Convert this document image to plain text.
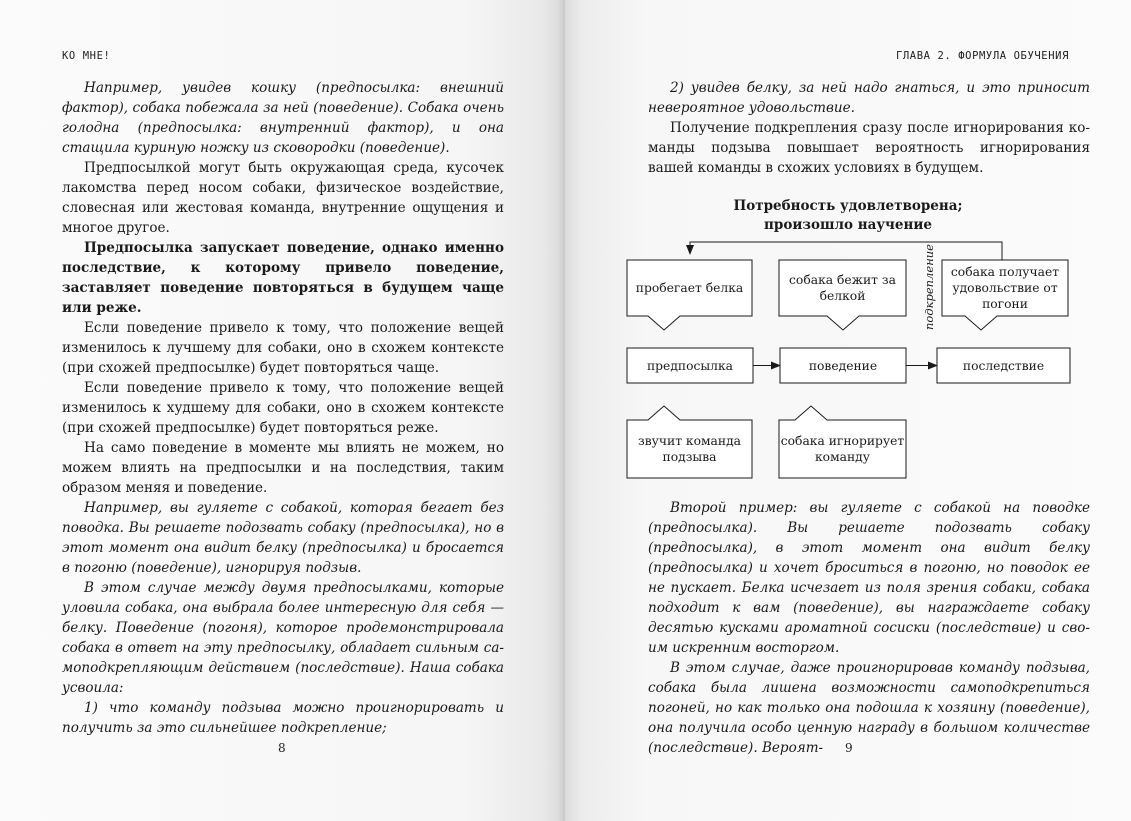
КО МНЕ!

Например, увидев кошку (предпосылка: внешний фактор), собака побежала за ней (поведение). Собака очень голодна (предпосылка: внутренний фактор), и она стащила куриную ножку из сковородки (поведение).

Предпосылкой могут быть окружающая среда, кусочек лакомства перед носом собаки, физическое воздействие, словесная или жестовая команда, внутренние ощущения и многое другое.

Предпосылка запускает поведение, однако именно последствие, к которому привело поведение, заставляет поведение повторяться в будущем чаще или реже.

Если поведение привело к тому, что положение вещей изменилось к лучшему для собаки, оно в схожем контексте (при схожей предпосылке) будет повторяться чаще.

Если поведение привело к тому, что положение вещей изменилось к худшему для собаки, оно в схожем контексте (при схожей предпосылке) будет повторяться реже.

На само поведение в моменте мы влиять не можем, но можем влиять на предпосылки и на последствия, таким образом меняя и поведение.

Например, вы гуляете с собакой, которая бегает без поводка. Вы решаете подозвать собаку (предпосылка), но в этот момент она видит белку (предпосылка) и бросается в погоню (поведение), игнорируя подзыв.

В этом случае между двумя предпосылками, которые уловила собака, она выбрала более интересную для себя — белку. Поведение (погоня), которое продемонстрировала собака в ответ на эту предпосылку, обладает сильным самоподкрепляющим действием (последствие). Наша собака усвоила:

1) что команду подзыва можно проигнорировать и получить за это сильнейшее подкрепление;

8
ГЛАВА 2. ФОРМУЛА ОБУЧЕНИЯ

2) увидев белку, за ней надо гнаться, и это приносит невероятное удовольствие.

Получение подкрепления сразу после игнорирования команды подзыва повышает вероятность игнорирования вашей команды в схожих условиях в будущем.

Потребность удовлетворена;
произошло научение
пробегает белка
собака бежит за белкой
собака получает удовольствие от погони
предпосылка	поведение	последствие
звучит команда подзыва
собака игнорирует команду
подкрепление

Второй пример: вы гуляете с собакой на поводке (предпосылка). Вы решаете подозвать собаку (предпосылка), в этот момент она видит белку (предпосылка) и хочет броситься в погоню, но поводок ее не пускает. Белка исчезает из поля зрения собаки, собака подходит к вам (поведение), вы награждаете собаку десятью кусками ароматной сосиски (последствие) и своим искренним восторгом.

В этом случае, даже проигнорировав команду подзыва, собака была лишена возможности самоподкрепиться погоней, но как только она подошла к хозяину (поведение), она получила особо ценную награду в большом количестве (последствие). Вероят-	9
